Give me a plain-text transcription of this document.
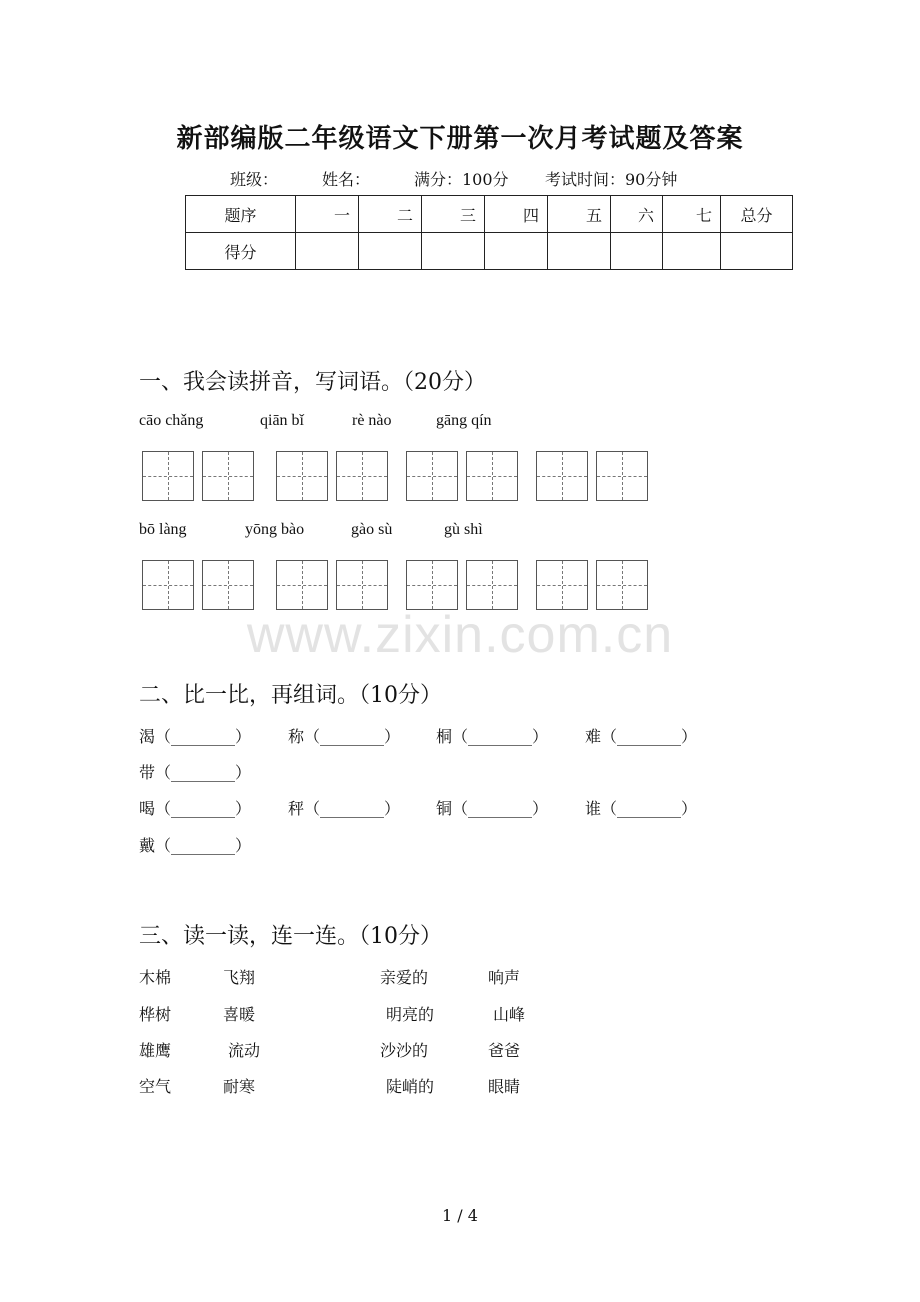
新部编版二年级语文下册第一次月考试题及答案
班级：	姓名：	满分：100分 考试时间：90分钟
题序	一	二	三	四	五	六	七	总分
得分								
一、我会读拼音，写词语。（20分）
cāo chǎng	qiān bǐ	rè nào	gāng qín
bō làng	yōng bào	gào sù	gù shì
www.zixin.com.cn
二、比一比，再组词。（10分）
渴（________） 称（________） 桐（________） 难（________）
带（________）
喝（________） 秤（________） 铜（________） 谁（________）
戴（________）
三、读一读，连一连。（10分）
木棉	飞翔	亲爱的	响声
桦树	喜暖	明亮的	山峰
雄鹰	流动	沙沙的	爸爸
空气	耐寒	陡峭的	眼睛
1 / 4
